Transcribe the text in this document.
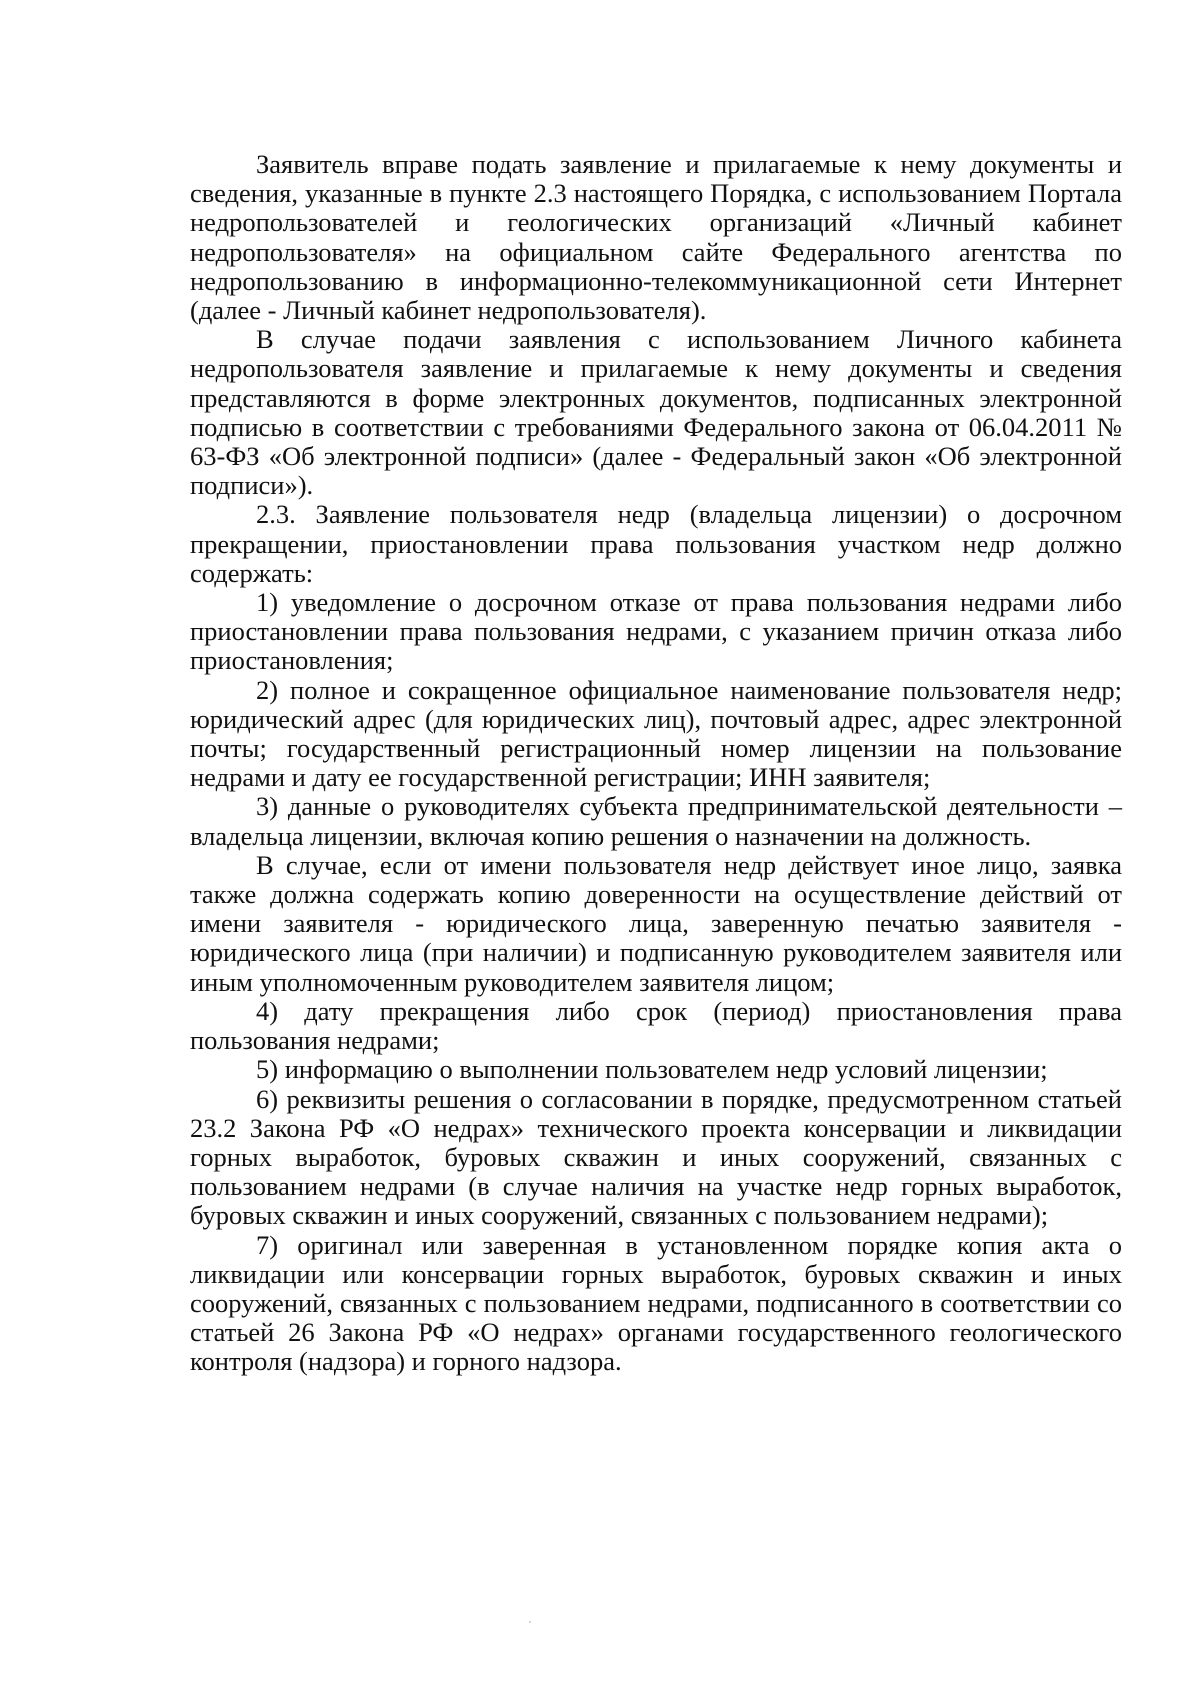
Заявитель вправе подать заявление и прилагаемые к нему документы и сведения, указанные в пункте 2.3 настоящего Порядка, с использованием Портала недропользователей и геологических организаций «Личный кабинет недропользователя» на официальном сайте Федерального агентства по недропользованию в информационно-телекоммуникационной сети Интернет (далее - Личный кабинет недропользователя).

В случае подачи заявления с использованием Личного кабинета недропользователя заявление и прилагаемые к нему документы и сведения представляются в форме электронных документов, подписанных электронной подписью в соответствии с требованиями Федерального закона от 06.04.2011 № 63-ФЗ «Об электронной подписи» (далее - Федеральный закон «Об электронной подписи»).

2.3. Заявление пользователя недр (владельца лицензии) о досрочном прекращении, приостановлении права пользования участком недр должно содержать:

1) уведомление о досрочном отказе от права пользования недрами либо приостановлении права пользования недрами, с указанием причин отказа либо приостановления;

2) полное и сокращенное официальное наименование пользователя недр; юридический адрес (для юридических лиц), почтовый адрес, адрес электронной почты; государственный регистрационный номер лицензии на пользование недрами и дату ее государственной регистрации; ИНН заявителя;

3) данные о руководителях субъекта предпринимательской деятельности – владельца лицензии, включая копию решения о назначении на должность.

В случае, если от имени пользователя недр действует иное лицо, заявка также должна содержать копию доверенности на осуществление действий от имени заявителя - юридического лица, заверенную печатью заявителя - юридического лица (при наличии) и подписанную руководителем заявителя или иным уполномоченным руководителем заявителя лицом;

4) дату прекращения либо срок (период) приостановления права пользования недрами;

5) информацию о выполнении пользователем недр условий лицензии;

6) реквизиты решения о согласовании в порядке, предусмотренном статьей 23.2 Закона РФ «О недрах» технического проекта консервации и ликвидации горных выработок, буровых скважин и иных сооружений, связанных с пользованием недрами (в случае наличия на участке недр горных выработок, буровых скважин и иных сооружений, связанных с пользованием недрами);

7) оригинал или заверенная в установленном порядке копия акта о ликвидации или консервации горных выработок, буровых скважин и иных сооружений, связанных с пользованием недрами, подписанного в соответствии со статьей 26 Закона РФ «О недрах» органами государственного геологического контроля (надзора) и горного надзора.
